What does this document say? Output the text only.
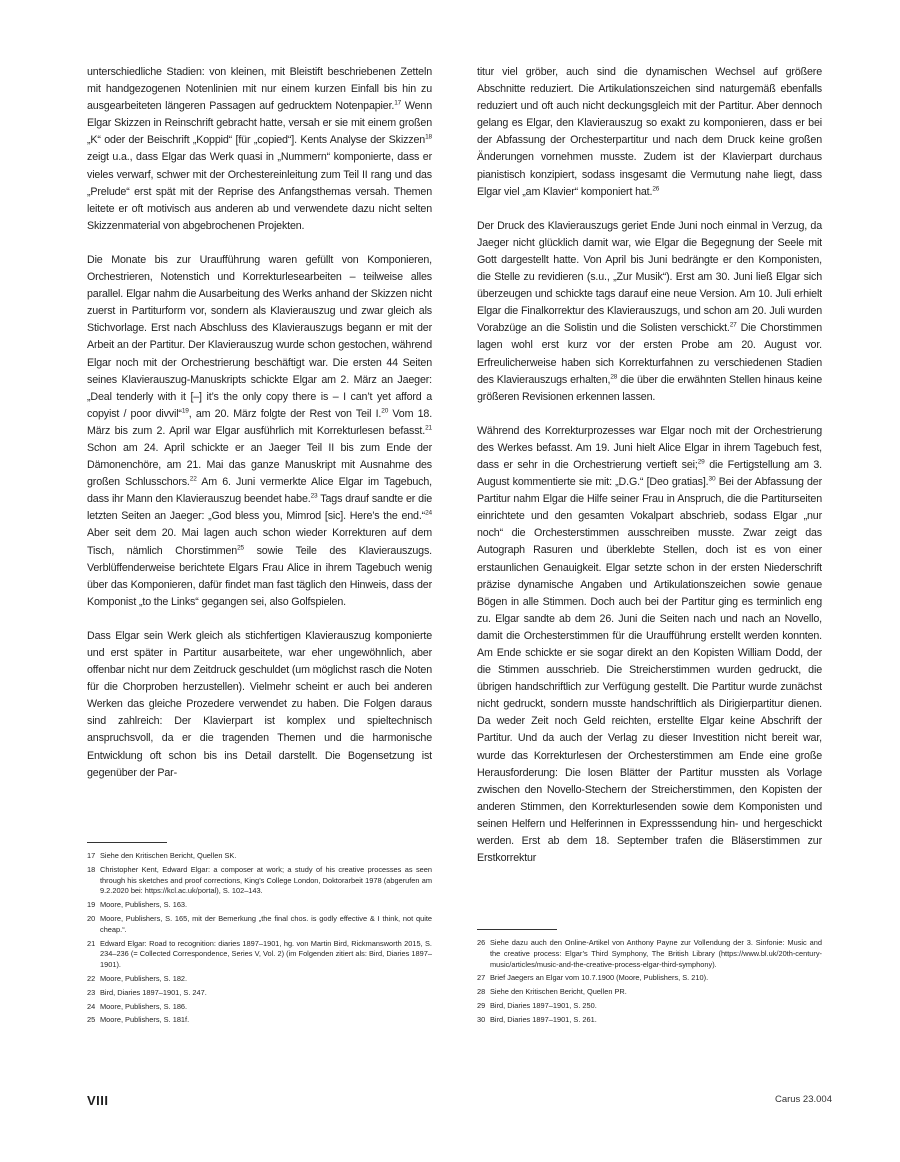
unterschiedliche Stadien: von kleinen, mit Bleistift beschriebenen Zetteln mit handgezogenen Notenlinien mit nur einem kurzen Einfall bis hin zu ausgearbeiteten längeren Passagen auf gedrucktem Notenpapier.$^{17}$ Wenn Elgar Skizzen in Reinschrift gebracht hatte, versah er sie mit einem großen „K“ oder der Beischrift „Koppid“ [für „copied“]. Kents Analyse der Skizzen$^{18}$ zeigt u.a., dass Elgar das Werk quasi in „Nummern“ komponierte, dass er vieles verwarf, schwer mit der Orchestereinleitung zum Teil II rang und das „Prelude“ erst spät mit der Reprise des Anfangsthemas versah. Themen leitete er oft motivisch aus anderen ab und verwendete dazu nicht selten Skizzenmaterial von abgebrochenen Projekten.

Die Monate bis zur Uraufführung waren gefüllt von Komponieren, Orchestrieren, Notenstich und Korrekturlesearbeiten – teilweise alles parallel. Elgar nahm die Ausarbeitung des Werks anhand der Skizzen nicht zuerst in Partiturform vor, sondern als Klavierauszug und zwar gleich als Stichvorlage. Erst nach Abschluss des Klavierauszugs begann er mit der Arbeit an der Partitur. Der Klavierauszug wurde schon gestochen, während Elgar noch mit der Orchestrierung beschäftigt war. Die ersten 44 Seiten seines Klavierauszug-Manuskripts schickte Elgar am 2. März an Jaeger: „Deal tenderly with it [–] it’s the only copy there is – I can’t yet afford a copyist / poor divvil“$^{19}$, am 20. März folgte der Rest von Teil I.$^{20}$ Vom 18. März bis zum 2. April war Elgar ausführlich mit Korrekturlesen befasst.$^{21}$ Schon am 24. April schickte er an Jaeger Teil II bis zum Ende der Dämonenchöre, am 21. Mai das ganze Manuskript mit Ausnahme des großen Schlusschors.$^{22}$ Am 6. Juni vermerkte Alice Elgar im Tagebuch, dass ihr Mann den Klavierauszug beendet habe.$^{23}$ Tags drauf sandte er die letzten Seiten an Jaeger: „God bless you, Mimrod [sic]. Here’s the end.“$^{24}$ Aber seit dem 20. Mai lagen auch schon wieder Korrekturen auf dem Tisch, nämlich Chorstimmen$^{25}$ sowie Teile des Klavierauszugs. Verblüffenderweise berichtete Elgars Frau Alice in ihrem Tagebuch wenig über das Komponieren, dafür findet man fast täglich den Hinweis, dass der Komponist „to the Links“ gegangen sei, also Golfspielen.

Dass Elgar sein Werk gleich als stichfertigen Klavierauszug komponierte und erst später in Partitur ausarbeitete, war eher ungewöhnlich, aber offenbar nicht nur dem Zeitdruck geschuldet (um möglichst rasch die Noten für die Chorproben herzustellen). Vielmehr scheint er auch bei anderen Werken das gleiche Prozedere verwendet zu haben. Die Folgen daraus sind zahlreich: Der Klavierpart ist komplex und spieltechnisch anspruchsvoll, da er die tragenden Themen und die harmonische Entwicklung oft schon bis ins Detail darstellt. Die Bogensetzung ist gegenüber der Par-

titur viel gröber, auch sind die dynamischen Wechsel auf größere Abschnitte reduziert. Die Artikulationszeichen sind naturgemäß ebenfalls reduziert und oft auch nicht deckungsgleich mit der Partitur. Aber dennoch gelang es Elgar, den Klavierauszug so exakt zu komponieren, dass er bei der Abfassung der Orchesterpartitur und nach dem Druck keine großen Änderungen vornehmen musste. Zudem ist der Klavierpart durchaus pianistisch konzipiert, sodass insgesamt die Vermutung nahe liegt, dass Elgar viel „am Klavier“ komponiert hat.$^{26}$

Der Druck des Klavierauszugs geriet Ende Juni noch einmal in Verzug, da Jaeger nicht glücklich damit war, wie Elgar die Begegnung der Seele mit Gott dargestellt hatte. Von April bis Juni bedrängte er den Komponisten, die Stelle zu revidieren (s.u., „Zur Musik“). Erst am 30. Juni ließ Elgar sich überzeugen und schickte tags darauf eine neue Version. Am 10. Juli erhielt Elgar die Finalkorrektur des Klavierauszugs, und schon am 20. Juli wurden Vorabzüge an die Solistin und die Solisten verschickt.$^{27}$ Die Chorstimmen lagen wohl erst kurz vor der ersten Probe am 20. August vor. Erfreulicherweise haben sich Korrekturfahnen zu verschiedenen Stadien des Klavierauszugs erhalten,$^{28}$ die über die erwähnten Stellen hinaus keine größeren Revisionen erkennen lassen.

Während des Korrekturprozesses war Elgar noch mit der Orchestrierung des Werkes befasst. Am 19. Juni hielt Alice Elgar in ihrem Tagebuch fest, dass er sehr in die Orchestrierung vertieft sei;$^{29}$ die Fertigstellung am 3. August kommentierte sie mit: „D.G.“ [Deo gratias].$^{30}$ Bei der Abfassung der Partitur nahm Elgar die Hilfe seiner Frau in Anspruch, die die Partiturseiten einrichtete und den gesamten Vokalpart abschrieb, sodass Elgar „nur noch“ die Orchesterstimmen ausschreiben musste. Zwar zeigt das Autograph Rasuren und überklebte Stellen, doch ist es von einer erstaunlichen Genauigkeit. Elgar setzte schon in der ersten Niederschrift präzise dynamische Angaben und Artikulationszeichen sowie genaue Bögen in alle Stimmen. Doch auch bei der Partitur ging es terminlich eng zu. Elgar sandte ab dem 26. Juni die Seiten nach und nach an Novello, damit die Orchesterstimmen für die Uraufführung erstellt werden konnten. Am Ende schickte er sie sogar direkt an den Kopisten William Dodd, der die Stimmen ausschrieb. Die Streicherstimmen wurden gedruckt, die übrigen handschriftlich zur Verfügung gestellt. Die Partitur wurde zunächst nicht gedruckt, sondern musste handschriftlich als Dirigierpartitur dienen. Da weder Zeit noch Geld reichten, erstellte Elgar keine Abschrift der Partitur. Und da auch der Verlag zu dieser Investition nicht bereit war, wurde das Korrekturlesen der Orchesterstimmen am Ende eine große Herausforderung: Die losen Blätter der Partitur mussten als Vorlage zwischen den Novello-Stechern der Streicherstimmen, den Kopisten der anderen Stimmen, den Korrekturlesenden sowie dem Komponisten und seinen Helfern und Helferinnen in Expresssendung hin- und hergeschickt werden. Erst ab dem 18. September trafen die Bläserstimmen zur Erstkorrektur

17 Siehe den Kritischen Bericht, Quellen SK.
18 Christopher Kent, Edward Elgar: a composer at work; a study of his creative processes as seen through his sketches and proof corrections, King’s College London, Doktorarbeit 1978 (abgerufen am 9.2.2020 bei: https://kcl.ac.uk/portal), S. 102–143.
19 Moore, Publishers, S. 163.
20 Moore, Publishers, S. 165, mit der Bemerkung „the final chos. is godly effective & I think, not quite cheap.“.
21 Edward Elgar: Road to recognition: diaries 1897–1901, hg. von Martin Bird, Rickmansworth 2015, S. 234–236 (= Collected Correspondence, Series V, Vol. 2) (im Folgenden zitiert als: Bird, Diaries 1897–1901).
22 Moore, Publishers, S. 182.
23 Bird, Diaries 1897–1901, S. 247.
24 Moore, Publishers, S. 186.
25 Moore, Publishers, S. 181f.
26 Siehe dazu auch den Online-Artikel von Anthony Payne zur Vollendung der 3. Sinfonie: Music and the creative process: Elgar’s Third Symphony, The British Library (https://www.bl.uk/20th-century-music/articles/music-and-the-creative-process-elgar-third-symphony).
27 Brief Jaegers an Elgar vom 10.7.1900 (Moore, Publishers, S. 210).
28 Siehe den Kritischen Bericht, Quellen PR.
29 Bird, Diaries 1897–1901, S. 250.
30 Bird, Diaries 1897–1901, S. 261.
VIII	Carus 23.004
